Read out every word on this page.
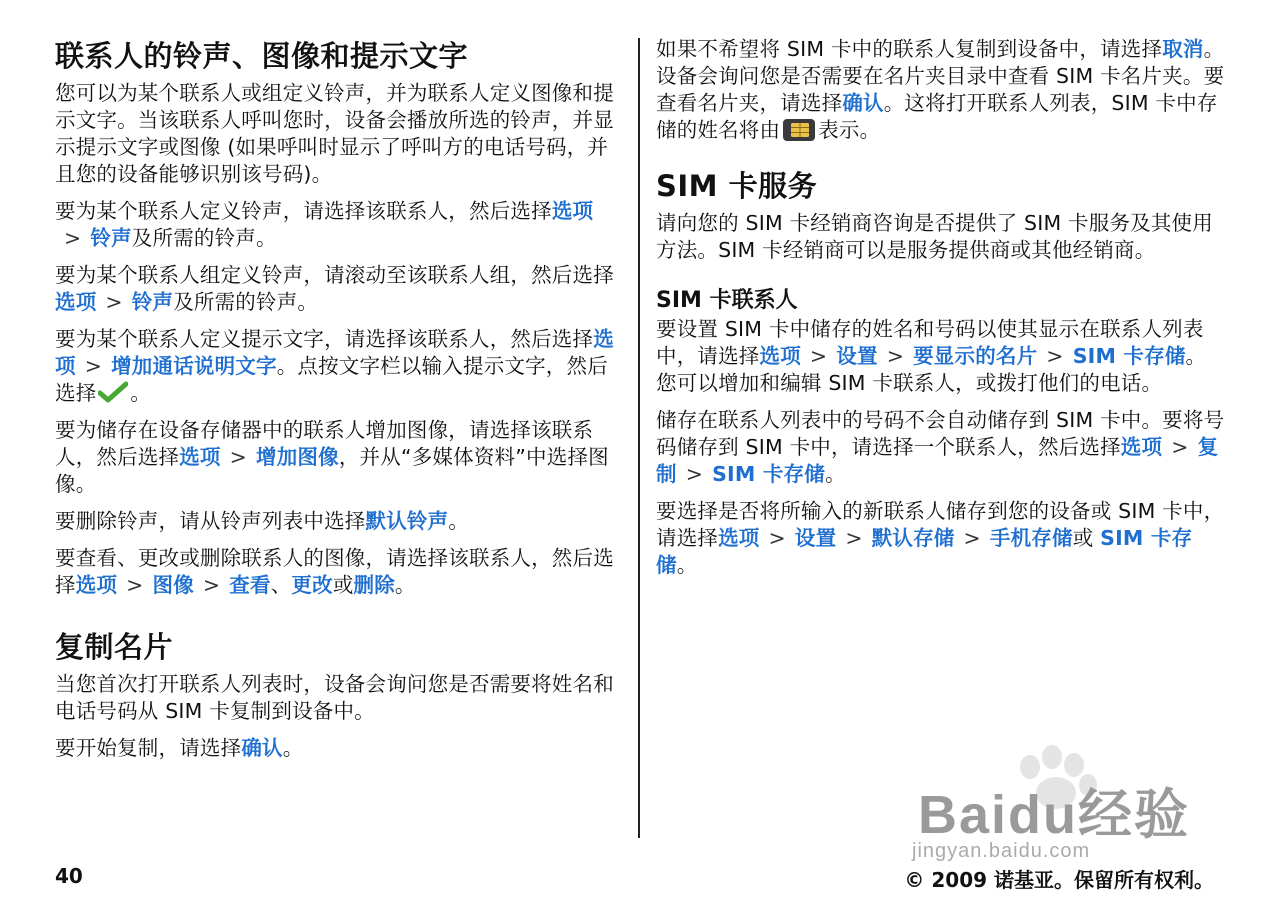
联系人的铃声、图像和提示文字

您可以为某个联系人或组定义铃声，并为联系人定义图像和提示文字。当该联系人呼叫您时，设备会播放所选的铃声，并显示提示文字或图像 (如果呼叫时显示了呼叫方的电话号码，并且您的设备能够识别该号码)。

要为某个联系人定义铃声，请选择该联系人，然后选择选项> 铃声及所需的铃声。

要为某个联系人组定义铃声，请滚动至该联系人组，然后选择选项 > 铃声及所需的铃声。

要为某个联系人定义提示文字，请选择该联系人，然后选择选项 > 增加通话说明文字。点按文字栏以输入提示文字，然后选择 。

要为储存在设备存储器中的联系人增加图像，请选择该联系人，然后选择选项 > 增加图像，并从“多媒体资料”中选择图像。

要删除铃声，请从铃声列表中选择默认铃声。

要查看、更改或删除联系人的图像，请选择该联系人，然后选择选项 > 图像 > 查看、更改或删除。

复制名片

当您首次打开联系人列表时，设备会询问您是否需要将姓名和电话号码从 SIM 卡复制到设备中。

要开始复制，请选择确认。

如果不希望将 SIM 卡中的联系人复制到设备中，请选择取消。设备会询问您是否需要在名片夹目录中查看 SIM 卡名片夹。要查看名片夹，请选择确认。这将打开联系人列表，SIM 卡中存储的姓名将由 表示。

SIM 卡服务

请向您的 SIM 卡经销商咨询是否提供了 SIM 卡服务及其使用方法。SIM 卡经销商可以是服务提供商或其他经销商。

SIM 卡联系人

要设置 SIM 卡中储存的姓名和号码以使其显示在联系人列表中，请选择选项 > 设置 > 要显示的名片 > SIM 卡存储。您可以增加和编辑 SIM 卡联系人，或拨打他们的电话。

储存在联系人列表中的号码不会自动储存到 SIM 卡中。要将号码储存到 SIM 卡中，请选择一个联系人，然后选择选项 > 复制 > SIM 卡存储。

要选择是否将所输入的新联系人储存到您的设备或 SIM 卡中，请选择选项 > 设置 > 默认存储 > 手机存储或 SIM 卡存储。

Baidu经验
jingyan.baidu.com
40	© 2009 诺基亚。保留所有权利。
